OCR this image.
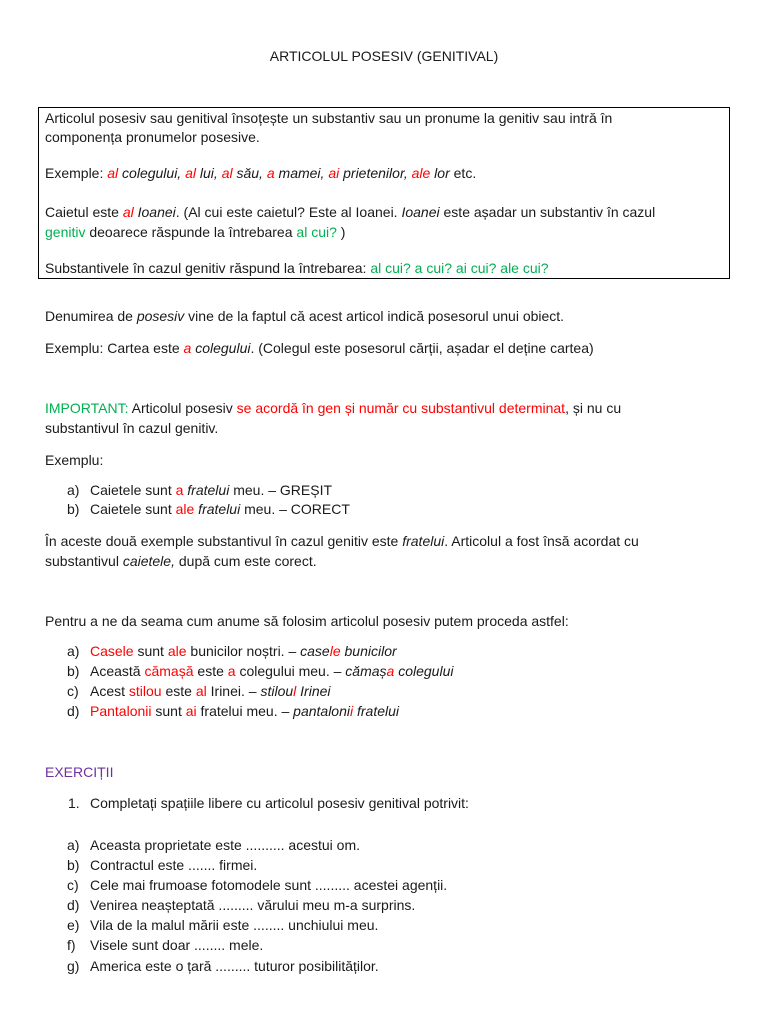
ARTICOLUL POSESIV (GENITIVAL)
Articolul posesiv sau genitival însoțește un substantiv sau un pronume la genitiv sau intră în
componența pronumelor posesive.
Exemple: al colegului, al lui, al său, a mamei, ai prietenilor, ale lor etc.
Caietul este al Ioanei. (Al cui este caietul? Este al Ioanei. Ioanei este așadar un substantiv în cazul
genitiv deoarece răspunde la întrebarea al cui? )
Substantivele în cazul genitiv răspund la întrebarea: al cui? a cui? ai cui? ale cui?
Denumirea de posesiv vine de la faptul că acest articol indică posesorul unui obiect.
Exemplu: Cartea este a colegului. (Colegul este posesorul cărții, așadar el deține cartea)
IMPORTANT: Articolul posesiv se acordă în gen și număr cu substantivul determinat, și nu cu
substantivul în cazul genitiv.
Exemplu:
a) Caietele sunt a fratelui meu. – GREȘIT
b) Caietele sunt ale fratelui meu. – CORECT
În aceste două exemple substantivul în cazul genitiv este fratelui. Articolul a fost însă acordat cu
substantivul caietele, după cum este corect.
Pentru a ne da seama cum anume să folosim articolul posesiv putem proceda astfel:
a) Casele sunt ale bunicilor noștri. – casele bunicilor
b) Această cămașă este a colegului meu. – cămașa colegului
c) Acest stilou este al Irinei. – stiloul Irinei
d) Pantalonii sunt ai fratelui meu. – pantalonii fratelui
EXERCIȚII
1. Completați spațiile libere cu articolul posesiv genitival potrivit:
a) Aceasta proprietate este .......... acestui om.
b) Contractul este ....... firmei.
c) Cele mai frumoase fotomodele sunt ......... acestei agenții.
d) Venirea neașteptată ......... vărului meu m-a surprins.
e) Vila de la malul mării este ........ unchiului meu.
f) Visele sunt doar ........ mele.
g) America este o țară ......... tuturor posibilităților.
